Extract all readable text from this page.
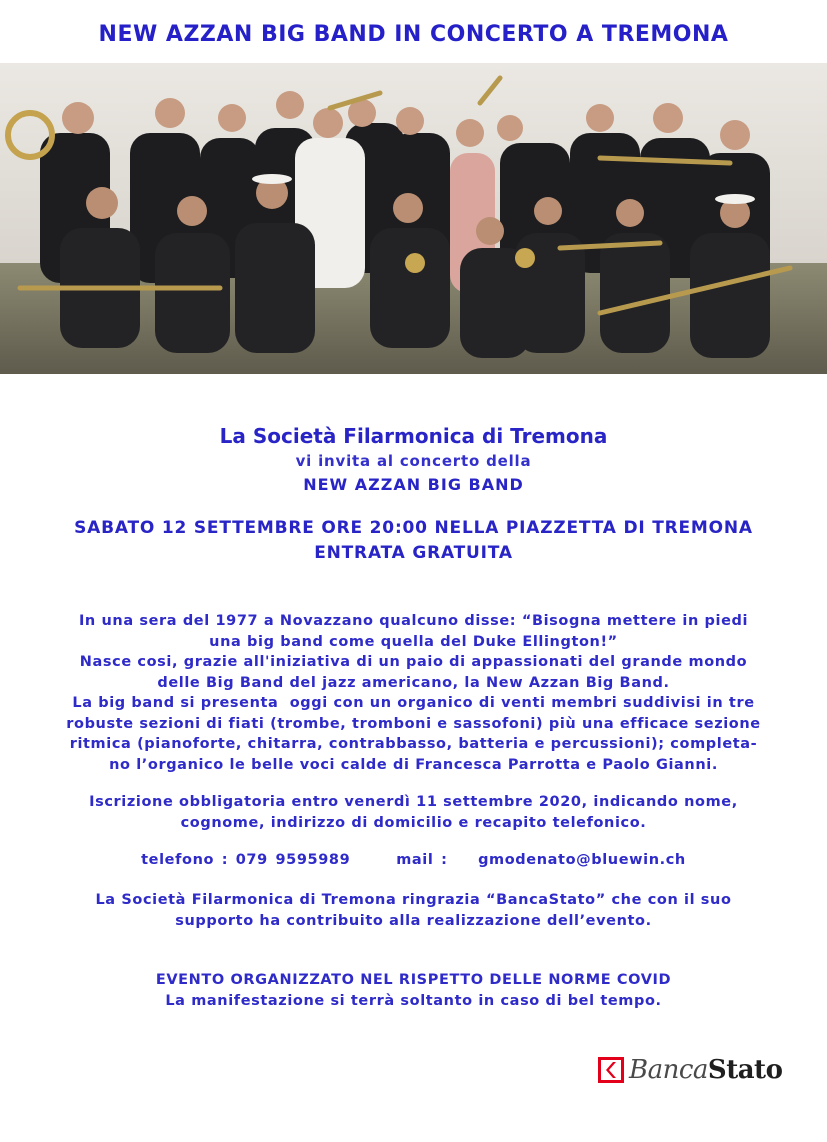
NEW AZZAN BIG BAND IN CONCERTO A TREMONA
La Società Filarmonica di Tremona
vi invita al concerto della
NEW AZZAN BIG BAND
SABATO 12 SETTEMBRE ORE 20:00 NELLA PIAZZETTA DI TREMONA
ENTRATA GRATUITA
In una sera del 1977 a Novazzano qualcuno disse: “Bisogna mettere in piedi
una big band come quella del Duke Ellington!”
Nasce cosi, grazie all'iniziativa di un paio di appassionati del grande mondo
delle Big Band del jazz americano, la New Azzan Big Band.
La big band si presenta  oggi con un organico di venti membri suddivisi in tre
robuste sezioni di fiati (trombe, tromboni e sassofoni) più una efficace sezione
ritmica (pianoforte, chitarra, contrabbasso, batteria e percussioni); completa-
no l’organico le belle voci calde di Francesca Parrotta e Paolo Gianni.
Iscrizione obbligatoria entro venerdì 11 settembre 2020, indicando nome,
cognome, indirizzo di domicilio e recapito telefonico.
telefono : 079 9595989	mail : gmodenato@bluewin.ch
La Società Filarmonica di Tremona ringrazia “BancaStato” che con il suo
supporto ha contribuito alla realizzazione dell’evento.
EVENTO ORGANIZZATO NEL RISPETTO DELLE NORME COVID
La manifestazione si terrà soltanto in caso di bel tempo.
BancaStato
